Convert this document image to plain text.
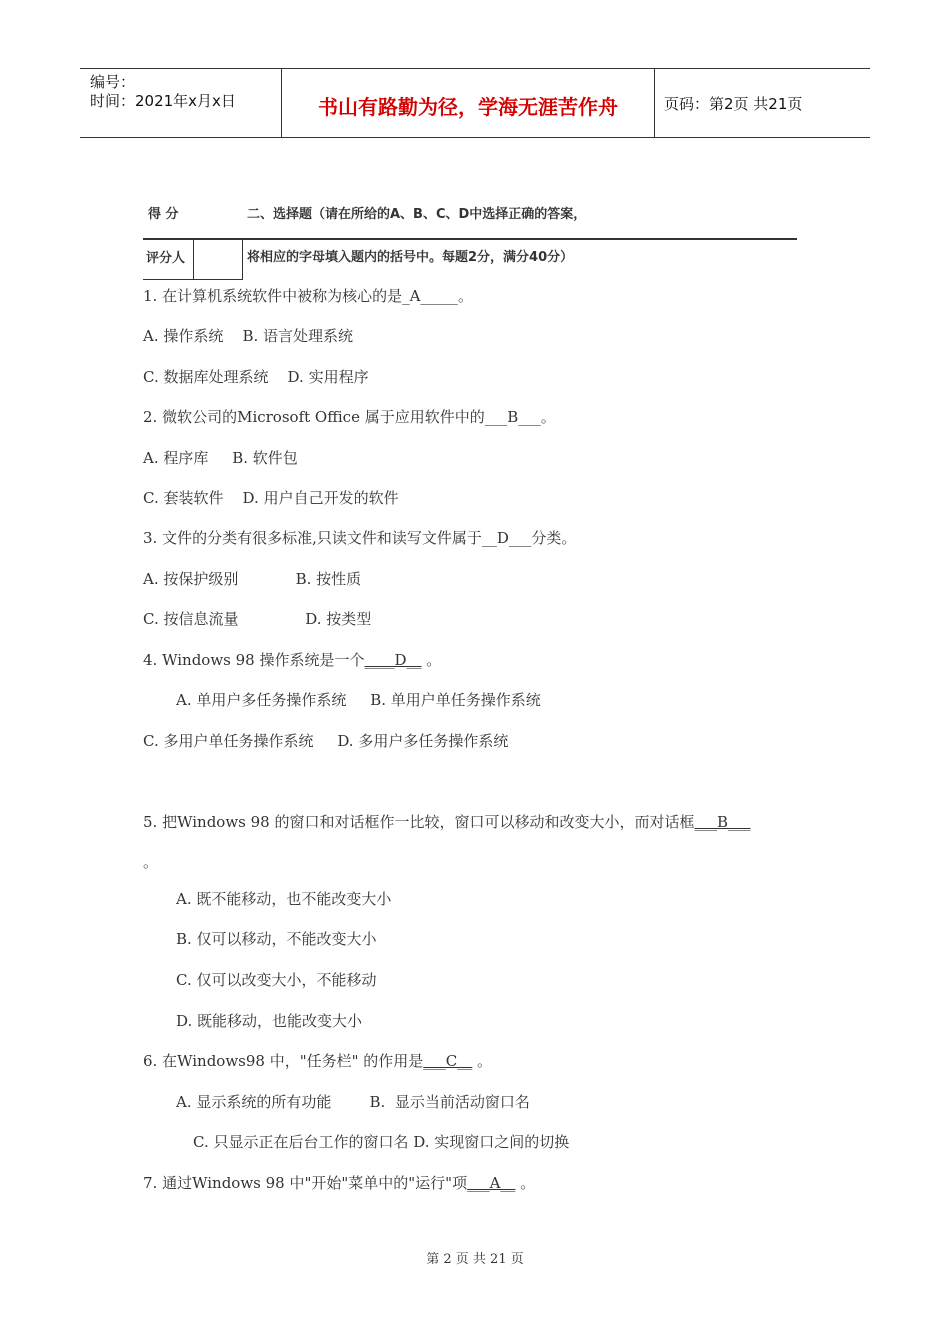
编号：
时间：2021年x月x日	书山有路勤为径，学海无涯苦作舟	页码：第2页 共21页
得 分	二、选择题（请在所给的A、B、C、D中选择正确的答案，
评分人	将相应的字母填入题内的括号中。每题2分，满分40分）
1. 在计算机系统软件中被称为核心的是_A_____。
A. 操作系统    B. 语言处理系统
C. 数据库处理系统    D. 实用程序
2. 微软公司的Microsoft Office 属于应用软件中的___B___。
A. 程序库     B. 软件包
C. 套装软件    D. 用户自己开发的软件
3. 文件的分类有很多标准,只读文件和读写文件属于__D___分类。
A. 按保护级别            B. 按性质
C. 按信息流量              D. 按类型
4. Windows 98 操作系统是一个____D__ 。
A. 单用户多任务操作系统     B. 单用户单任务操作系统
C. 多用户单任务操作系统     D. 多用户多任务操作系统
5. 把Windows 98 的窗口和对话框作一比较，窗口可以移动和改变大小，而对话框___B___
。
A. 既不能移动，也不能改变大小
B. 仅可以移动，不能改变大小
C. 仅可以改变大小，不能移动
D. 既能移动，也能改变大小
6. 在Windows98 中，"任务栏" 的作用是___C__ 。
A. 显示系统的所有功能        B.  显示当前活动窗口名
C. 只显示正在后台工作的窗口名 D. 实现窗口之间的切换
7. 通过Windows 98 中"开始"菜单中的"运行"项___A__ 。
第 2 页 共 21 页
